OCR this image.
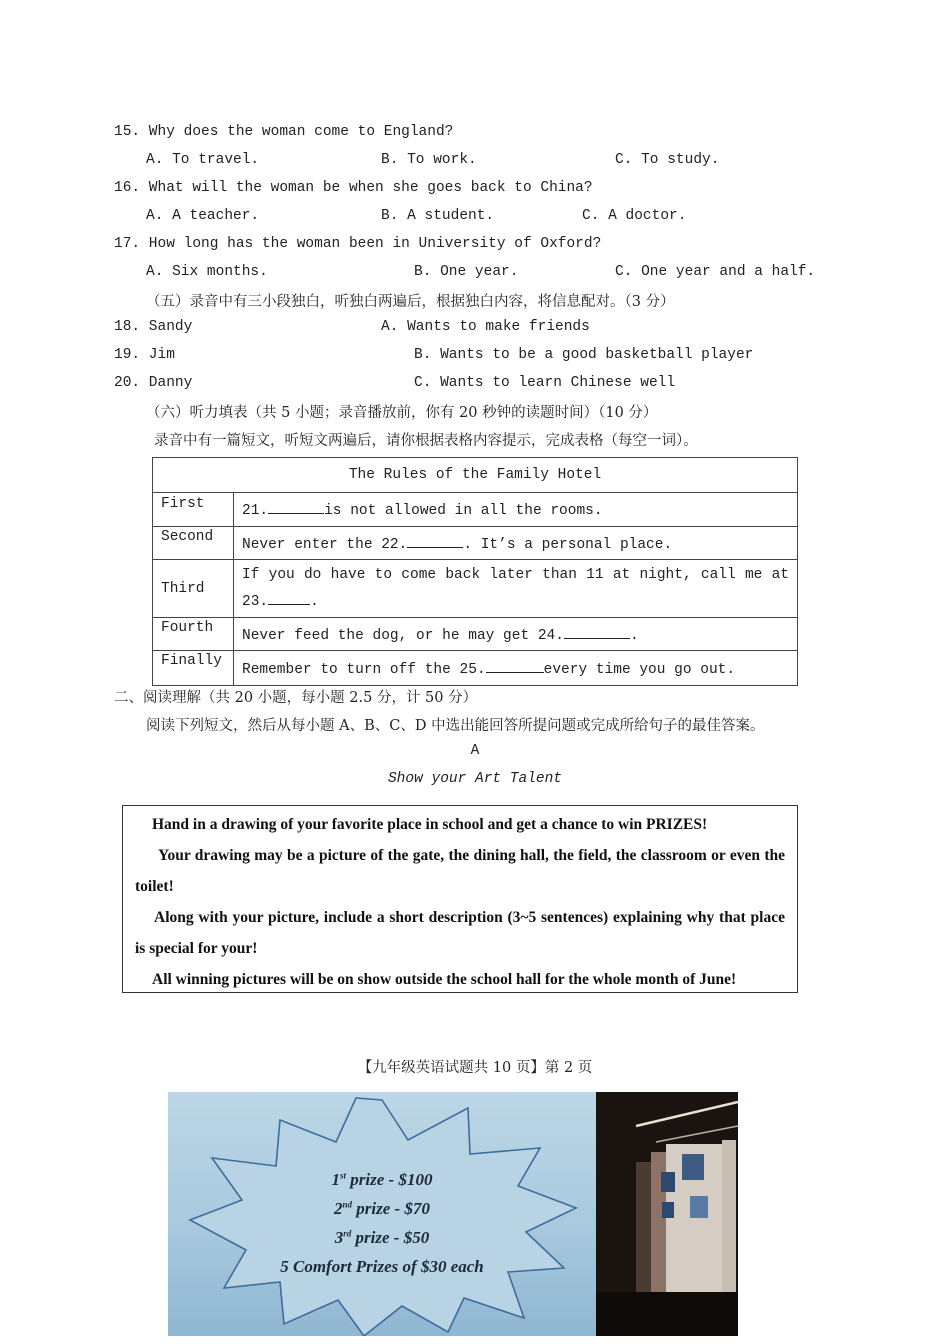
15. Why does the woman come to England?
A. To travel.	B. To work.	C. To study.
16. What will the woman be when she goes back to China?
A. A teacher.	B. A student.	C. A doctor.
17. How long has the woman been in University of Oxford?
A. Six months.	B. One year.	C. One year and a half.
（五）录音中有三小段独白，听独白两遍后，根据独白内容，将信息配对。（3 分）
18. Sandy	A. Wants to make friends
19. Jim	B. Wants to be a good basketball player
20. Danny	C. Wants to learn Chinese well
（六）听力填表（共 5 小题；录音播放前，你有 20 秒钟的读题时间）（10 分）
录音中有一篇短文，听短文两遍后，请你根据表格内容提示，完成表格（每空一词）。
The Rules of the Family Hotel	
First	21. is not allowed in all the rooms.
Second	Never enter the 22. . It’s a personal place.
Third	If you do have to come back later than 11 at night, call me at
23. .

Fourth	Never feed the dog, or he may get 24. .
Finally	Remember to turn off the 25. every time you go out.
二、阅读理解（共 20 小题，每小题 2.5 分，计 50 分）
阅读下列短文，然后从每小题 A、B、C、D 中选出能回答所提问题或完成所给句子的最佳答案。
A
Show your Art Talent

Hand in a drawing of your favorite place in school and get a chance to win PRIZES!

Your drawing may be a picture of the gate, the dining hall, the field, the classroom or even the toilet!

Along with your picture, include a short description (3~5 sentences) explaining why that place is special for your!

All winning pictures will be on show outside the school hall for the whole month of June!

【九年级英语试题共 10 页】第 2 页
1st prize - $100
2nd prize - $70
3rd prize - $50
5 Comfort Prizes of $30 each
